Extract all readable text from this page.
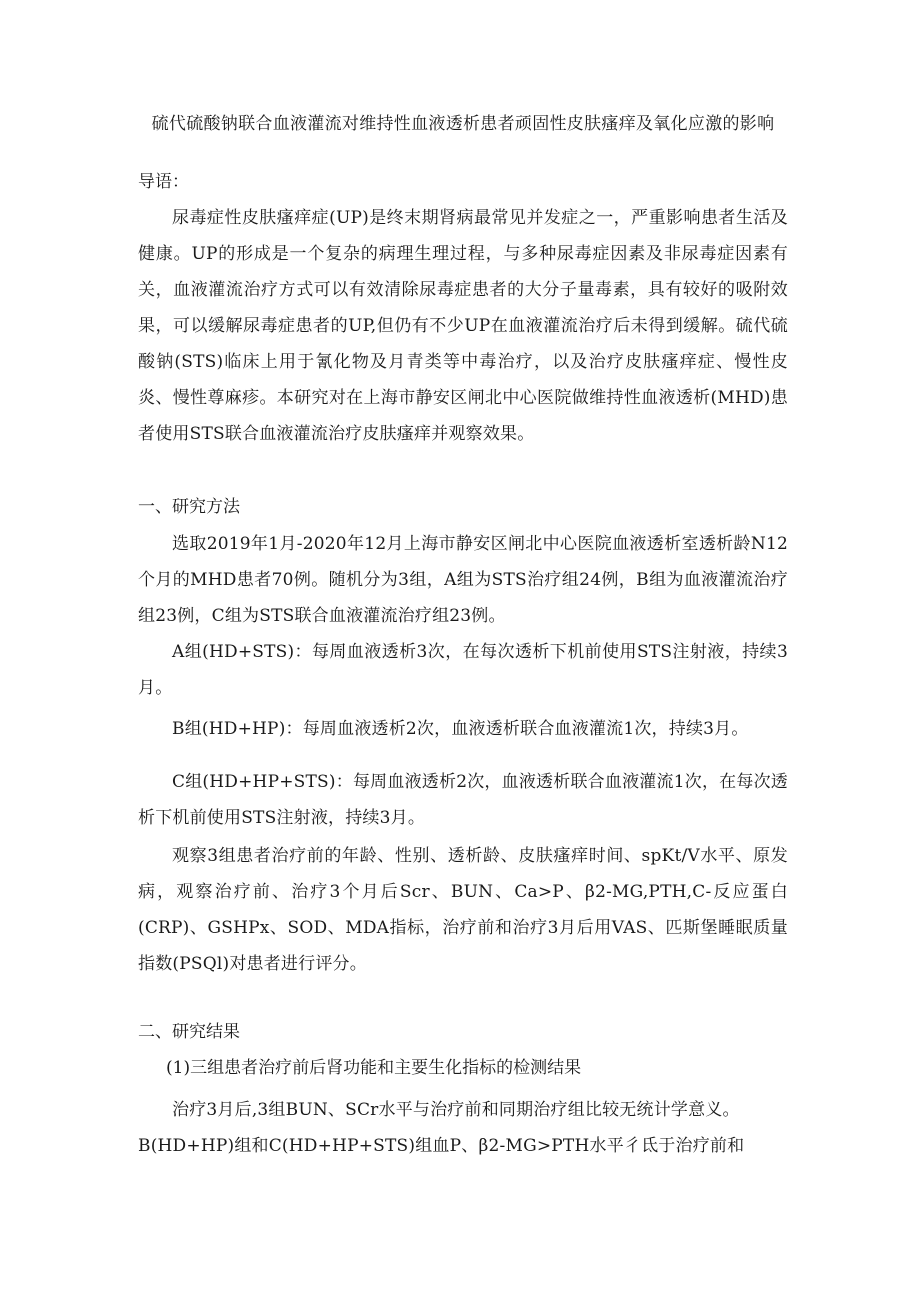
硫代硫酸钠联合血液灌流对维持性血液透析患者顽固性皮肤瘙痒及氧化应激的影响
导语：
尿毒症性皮肤瘙痒症(UP)是终末期肾病最常见并发症之一，严重影响患者生活及健康。UP的形成是一个复杂的病理生理过程，与多种尿毒症因素及非尿毒症因素有关，血液灌流治疗方式可以有效清除尿毒症患者的大分子量毒素，具有较好的吸附效果，可以缓解尿毒症患者的UP,但仍有不少UP在血液灌流治疗后未得到缓解。硫代硫酸钠(STS)临床上用于氰化物及月青类等中毒治疗，以及治疗皮肤瘙痒症、慢性皮炎、慢性尊麻疹。本研究对在上海市静安区闸北中心医院做维持性血液透析(MHD)患者使用STS联合血液灌流治疗皮肤瘙痒并观察效果。
一、研究方法
选取2019年1月-2020年12月上海市静安区闸北中心医院血液透析室透析龄N12个月的MHD患者70例。随机分为3组，A组为STS治疗组24例，B组为血液灌流治疗组23例，C组为STS联合血液灌流治疗组23例。
A组(HD+STS)：每周血液透析3次，在每次透析下机前使用STS注射液，持续3月。
B组(HD+HP)：每周血液透析2次，血液透析联合血液灌流1次，持续3月。
C组(HD+HP+STS)：每周血液透析2次，血液透析联合血液灌流1次，在每次透析下机前使用STS注射液，持续3月。
观察3组患者治疗前的年龄、性别、透析龄、皮肤瘙痒时间、spKt/V水平、原发病，观察治疗前、治疗3个月后Scr、BUN、Ca>P、β2-MG,PTH,C-反应蛋白(CRP)、GSHPx、SOD、MDA指标，治疗前和治疗3月后用VAS、匹斯堡睡眠质量指数(PSQl)对患者进行评分。
二、研究结果
(1)三组患者治疗前后肾功能和主要生化指标的检测结果
治疗3月后,3组BUN、SCr水平与治疗前和同期治疗组比较无统计学意义。
B(HD+HP)组和C(HD+HP+STS)组血P、β2-MG>PTH水平彳氐于治疗前和
